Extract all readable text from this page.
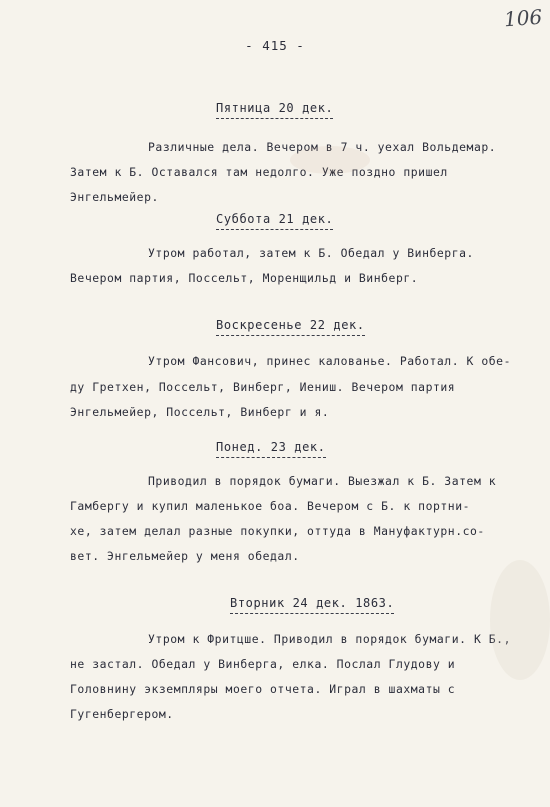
106
- 415 -
Пятница 20 дек.
Различные дела. Вечером в 7 ч. уехал Вольдемар.
Затем к Б. Оставался там недолго. Уже поздно пришел
Энгельмейер.
Суббота 21 дек.
Утром работал, затем к Б. Обедал у Винберга.
Вечером партия, Поссельт, Моренщильд и Винберг.
Воскресенье 22 дек.
Утром Фансович, принес калованье. Работал. К обе-
ду Гретхен, Поссельт, Винберг, Иениш. Вечером партия
Энгельмейер, Поссельт, Винберг и я.
Понед. 23 дек.
Приводил в порядок бумаги. Выезжал к Б. Затем к
Гамбергу и купил маленькое боа. Вечером с Б. к портни-
хе, затем делал разные покупки, оттуда в Мануфактурн.со-
вет. Энгельмейер у меня обедал.
Вторник 24 дек. 1863.
Утром к Фритцше. Приводил в порядок бумаги. К Б.,
не застал. Обедал у Винберга, елка. Послал Глудову и
Головнину экземпляры моего отчета. Играл в шахматы с
Гугенбергером.
